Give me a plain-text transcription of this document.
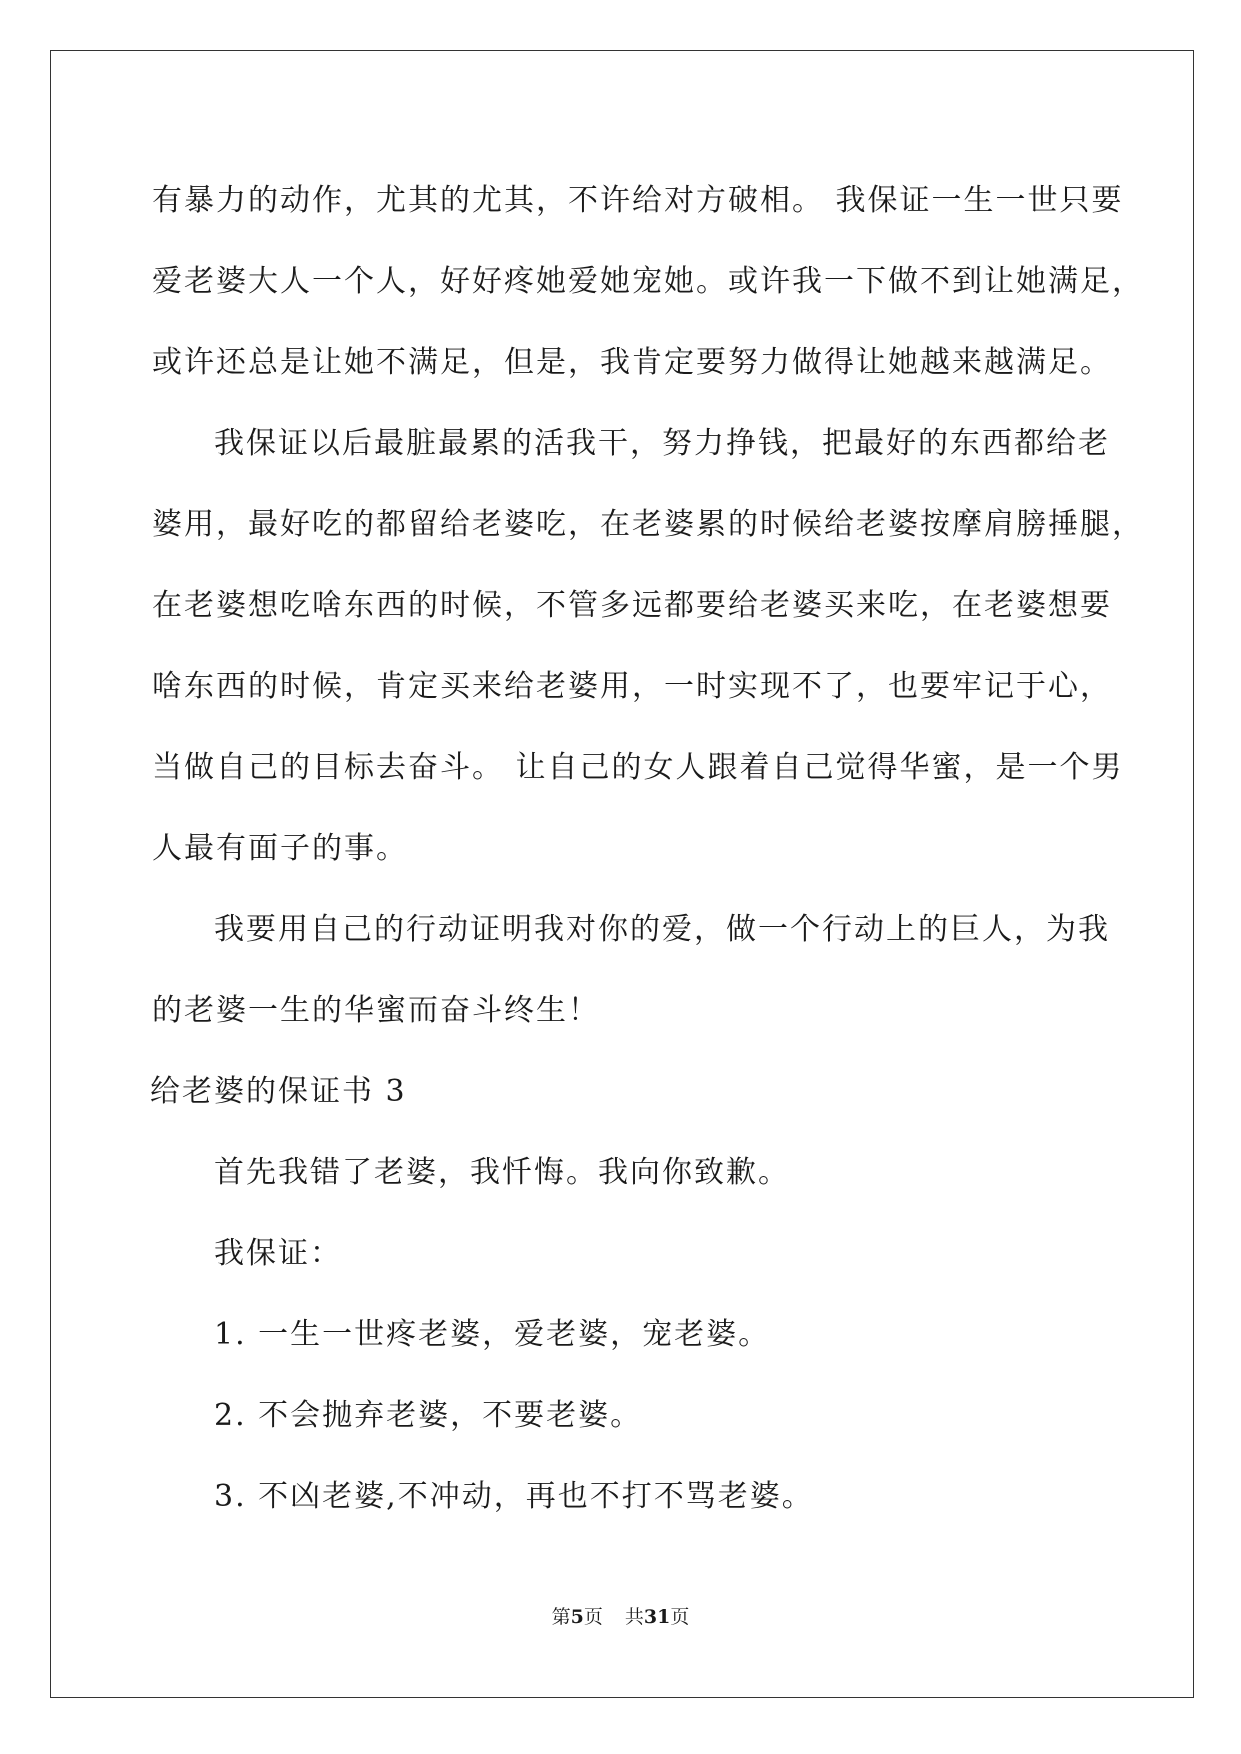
有暴力的动作，尤其的尤其，不许给对方破相。 我保证一生一世只要
爱老婆大人一个人，好好疼她爱她宠她。或许我一下做不到让她满足，
或许还总是让她不满足，但是，我肯定要努力做得让她越来越满足。

我保证以后最脏最累的活我干，努力挣钱，把最好的东西都给老
婆用，最好吃的都留给老婆吃，在老婆累的时候给老婆按摩肩膀捶腿，
在老婆想吃啥东西的时候，不管多远都要给老婆买来吃，在老婆想要
啥东西的时候，肯定买来给老婆用，一时实现不了，也要牢记于心，
当做自己的目标去奋斗。 让自己的女人跟着自己觉得华蜜，是一个男
人最有面子的事。

我要用自己的行动证明我对你的爱，做一个行动上的巨人，为我
的老婆一生的华蜜而奋斗终生！

给老婆的保证书 3

首先我错了老婆，我忏悔。我向你致歉。

我保证：

1. 一生一世疼老婆，爱老婆，宠老婆。

2. 不会抛弃老婆，不要老婆。

3. 不凶老婆,不冲动，再也不打不骂老婆。

第5页 共31页
